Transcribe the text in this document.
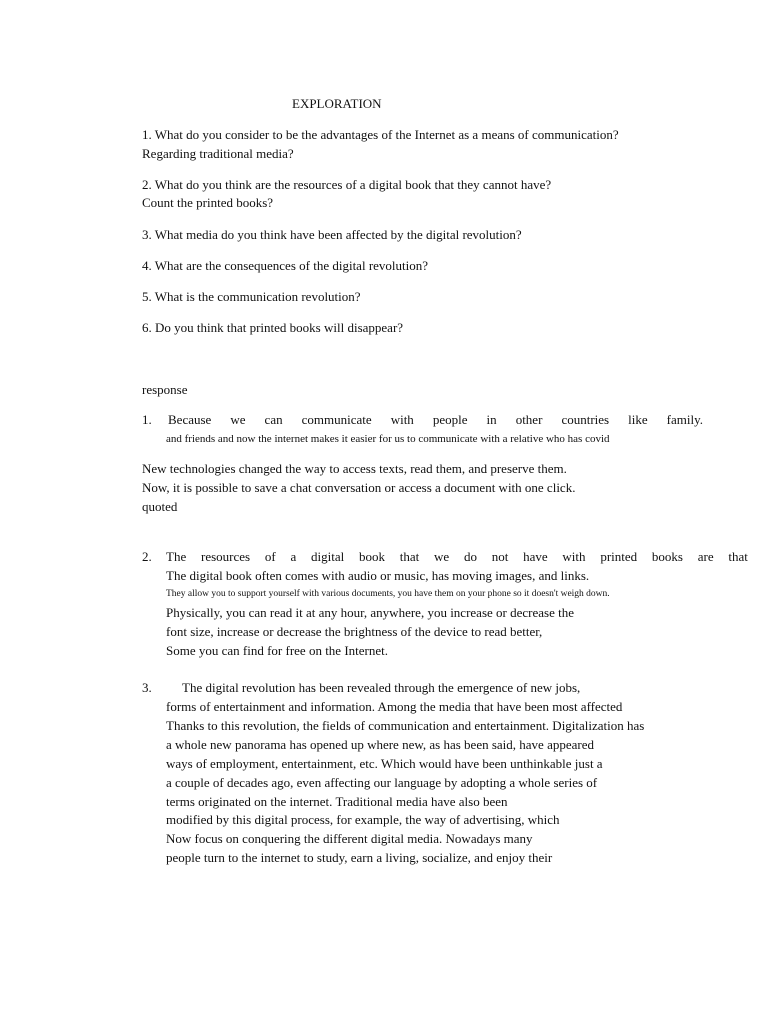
EXPLORATION
1. What do you consider to be the advantages of the Internet as a means of communication?
Regarding traditional media?
2. What do you think are the resources of a digital book that they cannot have?
Count the printed books?
3. What media do you think have been affected by the digital revolution?
4. What are the consequences of the digital revolution?
5. What is the communication revolution?
6. Do you think that printed books will disappear?
response
1. Because we can communicate with people in other countries like family.
and friends and now the internet makes it easier for us to communicate with a relative who has covid
New technologies changed the way to access texts, read them, and preserve them.
Now, it is possible to save a chat conversation or access a document with one click.
quoted
2. The resources of a digital book that we do not have with printed books are that
The digital book often comes with audio or music, has moving images, and links.
They allow you to support yourself with various documents, you have them on your phone so it doesn't weigh down.
Physically, you can read it at any hour, anywhere, you increase or decrease the
font size, increase or decrease the brightness of the device to read better,
Some you can find for free on the Internet.
3. The digital revolution has been revealed through the emergence of new jobs,
forms of entertainment and information. Among the media that have been most affected
Thanks to this revolution, the fields of communication and entertainment. Digitalization has
a whole new panorama has opened up where new, as has been said, have appeared
ways of employment, entertainment, etc. Which would have been unthinkable just a
a couple of decades ago, even affecting our language by adopting a whole series of
terms originated on the internet. Traditional media have also been
modified by this digital process, for example, the way of advertising, which
Now focus on conquering the different digital media. Nowadays many
people turn to the internet to study, earn a living, socialize, and enjoy their
